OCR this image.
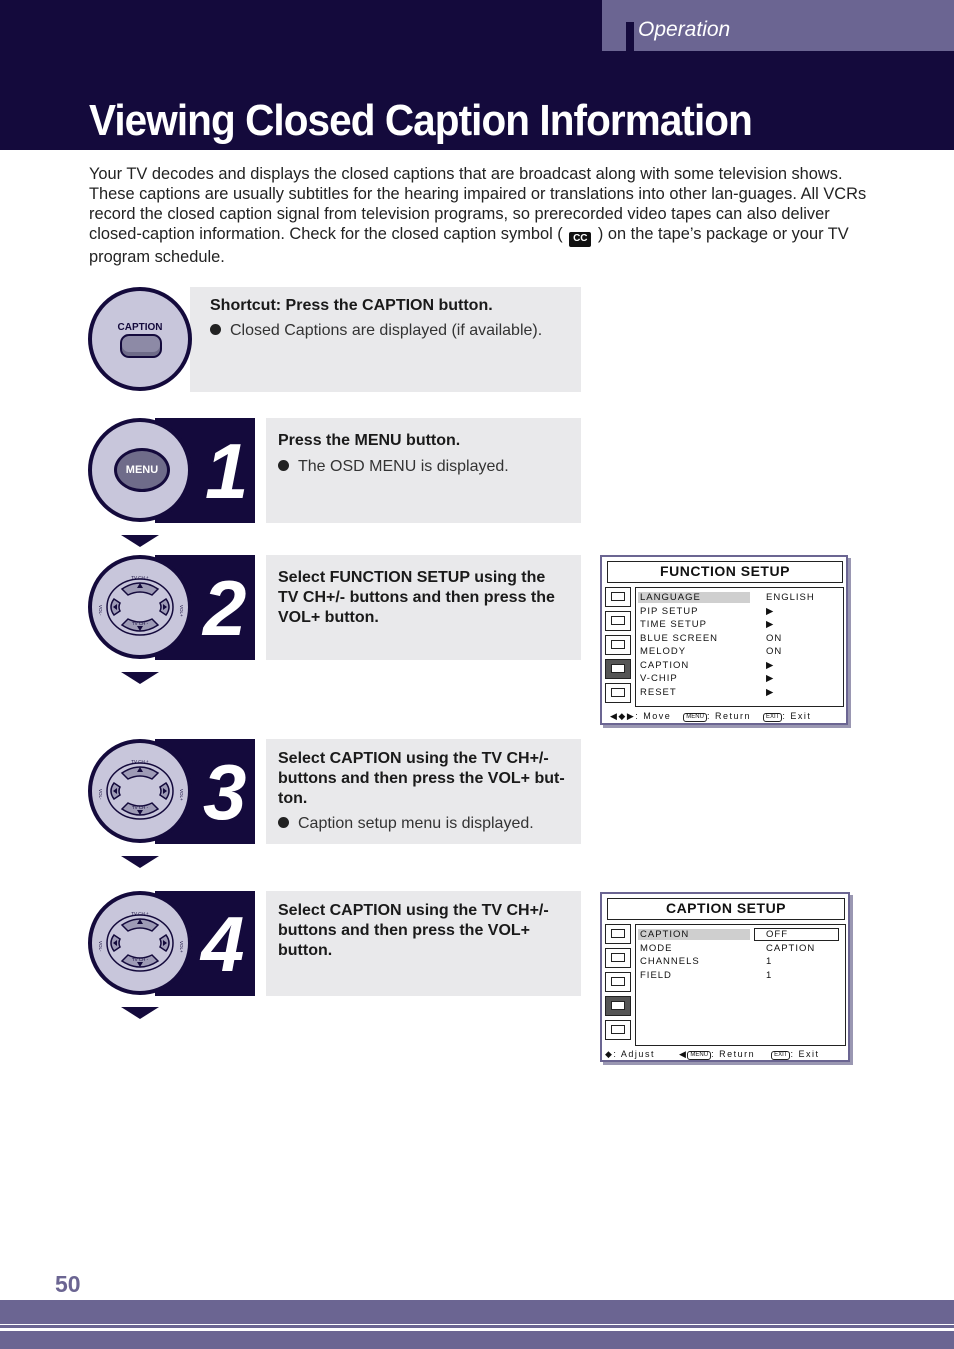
Operation
Viewing Closed Caption Information

Your TV decodes and displays the closed captions that are broadcast along with some television shows. These captions are usually subtitles for the hearing impaired or translations into other lan-guages. All VCRs record the closed caption signal from television programs, so prerecorded video tapes can also deliver closed-caption information. Check for the closed caption symbol ( CC ) on the tape’s package or your TV program schedule.

Shortcut: Press the CAPTION button.
Closed Captions are displayed (if available).
CAPTION
1
MENU
Press the MENU button.
The OSD MENU is displayed.
2
TV CH +
TV CH -
VOL-	VOL+
Select FUNCTION SETUP using the TV CH+/- buttons and then press the VOL+ button.
FUNCTION SETUP
LANGUAGE	ENGLISH
PIP SETUP	▶
TIME SETUP	▶
BLUE SCREEN	ON
MELODY	ON
CAPTION	▶
V-CHIP	▶
RESET	▶
◀◆▶: Move	MENU : Return	EXIT : Exit
3
TV CH +
TV CH -
VOL-	VOL+
Select CAPTION using the TV CH+/- buttons and then press the VOL+ but-ton.
Caption setup menu is displayed.
4
TV CH +
TV CH -
VOL-	VOL+
Select CAPTION using the TV CH+/- buttons and then press the VOL+ button.
CAPTION SETUP
CAPTION	OFF
MODE	CAPTION
CHANNELS	1
FIELD	1
◆: Adjust	◀ MENU : Return	EXIT : Exit
50
